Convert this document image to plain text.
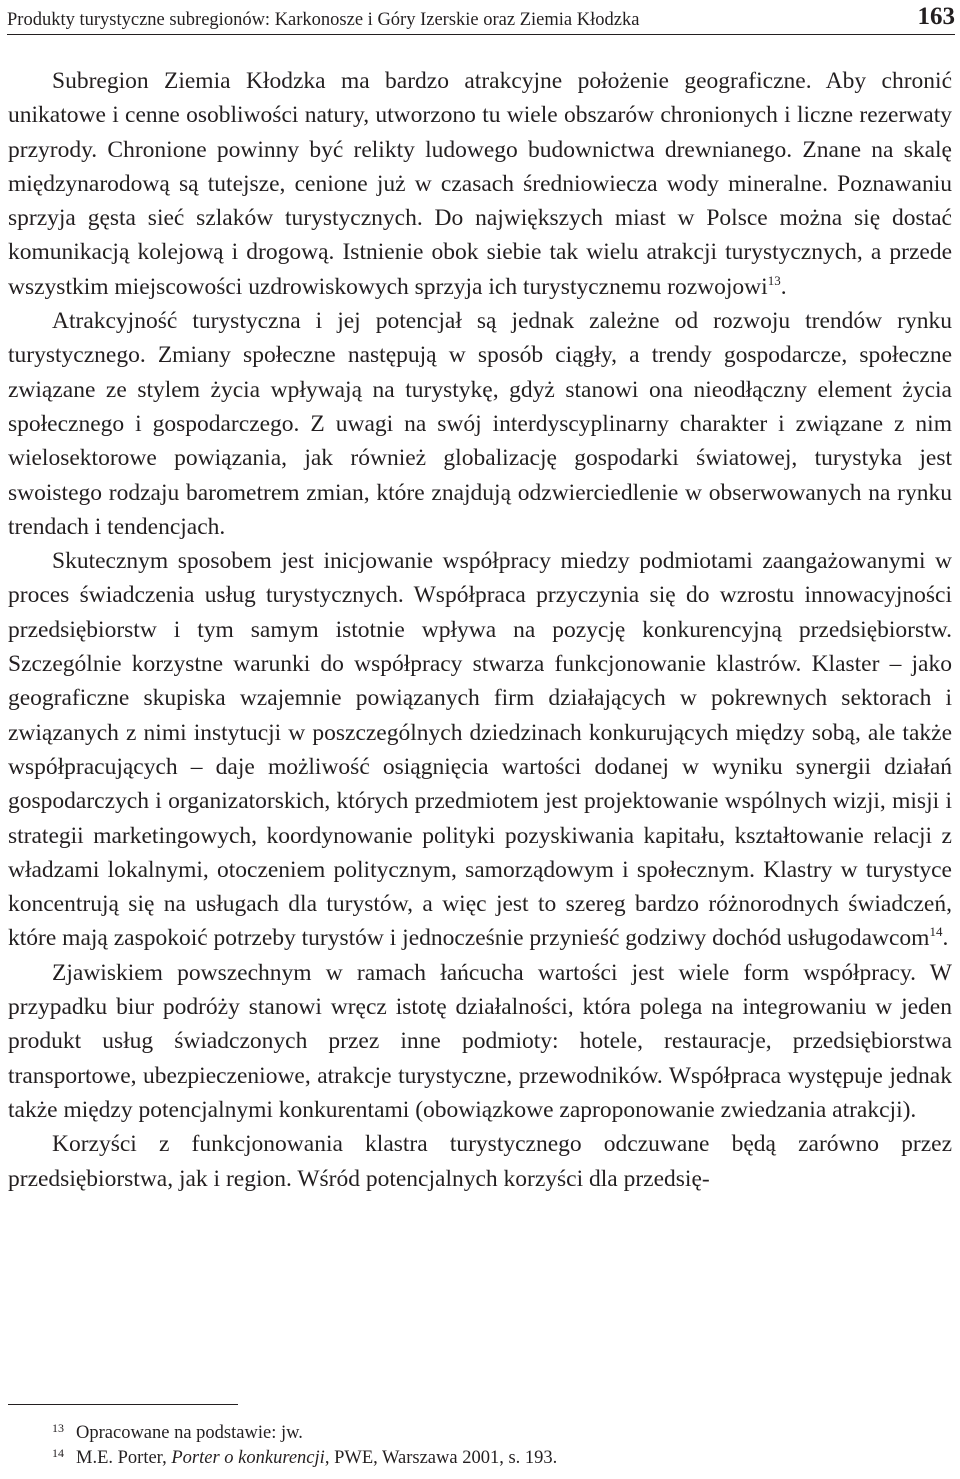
Produkty turystyczne subregionów: Karkonosze i Góry Izerskie oraz Ziemia Kłodzka	163

Subregion Ziemia Kłodzka ma bardzo atrakcyjne położenie geograficzne. Aby chronić unikatowe i cenne osobliwości natury, utworzono tu wiele obszarów chronionych i liczne rezerwaty przyrody. Chronione powinny być relikty ludowego budownictwa drewnianego. Znane na skalę międzynarodową są tutejsze, cenione już w czasach średniowiecza wody mineralne. Poznawaniu sprzyja gęsta sieć szlaków turystycznych. Do największych miast w Polsce można się dostać komunikacją kolejową i drogową. Istnienie obok siebie tak wielu atrakcji turystycznych, a przede wszystkim miejscowości uzdrowiskowych sprzyja ich turystycznemu rozwojowi$^{13}$.

Atrakcyjność turystyczna i jej potencjał są jednak zależne od rozwoju trendów rynku turystycznego. Zmiany społeczne następują w sposób ciągły, a trendy gospodarcze, społeczne związane ze stylem życia wpływają na turystykę, gdyż stanowi ona nieodłączny element życia społecznego i gospodarczego. Z uwagi na swój interdyscyplinarny charakter i związane z nim wielosektorowe powiązania, jak również globalizację gospodarki światowej, turystyka jest swoistego rodzaju barometrem zmian, które znajdują odzwierciedlenie w obserwowanych na rynku trendach i tendencjach.

Skutecznym sposobem jest inicjowanie współpracy miedzy podmiotami zaangażowanymi w proces świadczenia usług turystycznych. Współpraca przyczynia się do wzrostu innowacyjności przedsiębiorstw i tym samym istotnie wpływa na pozycję konkurencyjną przedsiębiorstw. Szczególnie korzystne warunki do współpracy stwarza funkcjonowanie klastrów. Klaster – jako geograficzne skupiska wzajemnie powiązanych firm działających w pokrewnych sektorach i związanych z nimi instytucji w poszczególnych dziedzinach konkurujących między sobą, ale także współpracujących – daje możliwość osiągnięcia wartości dodanej w wyniku synergii działań gospodarczych i organizatorskich, których przedmiotem jest projektowanie wspólnych wizji, misji i strategii marketingowych, koordynowanie polityki pozyskiwania kapitału, kształtowanie relacji z władzami lokalnymi, otoczeniem politycznym, samorządowym i społecznym. Klastry w turystyce koncentrują się na usługach dla turystów, a więc jest to szereg bardzo różnorodnych świadczeń, które mają zaspokoić potrzeby turystów i jednocześnie przynieść godziwy dochód usługodawcom$^{14}$.

Zjawiskiem powszechnym w ramach łańcucha wartości jest wiele form współpracy. W przypadku biur podróży stanowi wręcz istotę działalności, która polega na integrowaniu w jeden produkt usług świadczonych przez inne podmioty: hotele, restauracje, przedsiębiorstwa transportowe, ubezpieczeniowe, atrakcje turystyczne, przewodników. Współpraca występuje jednak także między potencjalnymi konkurentami (obowiązkowe zaproponowanie zwiedzania atrakcji).

Korzyści z funkcjonowania klastra turystycznego odczuwane będą zarówno przez przedsiębiorstwa, jak i region. Wśród potencjalnych korzyści dla przedsię-

13 Opracowane na podstawie: jw.
14 M.E. Porter, Porter o konkurencji, PWE, Warszawa 2001, s. 193.
